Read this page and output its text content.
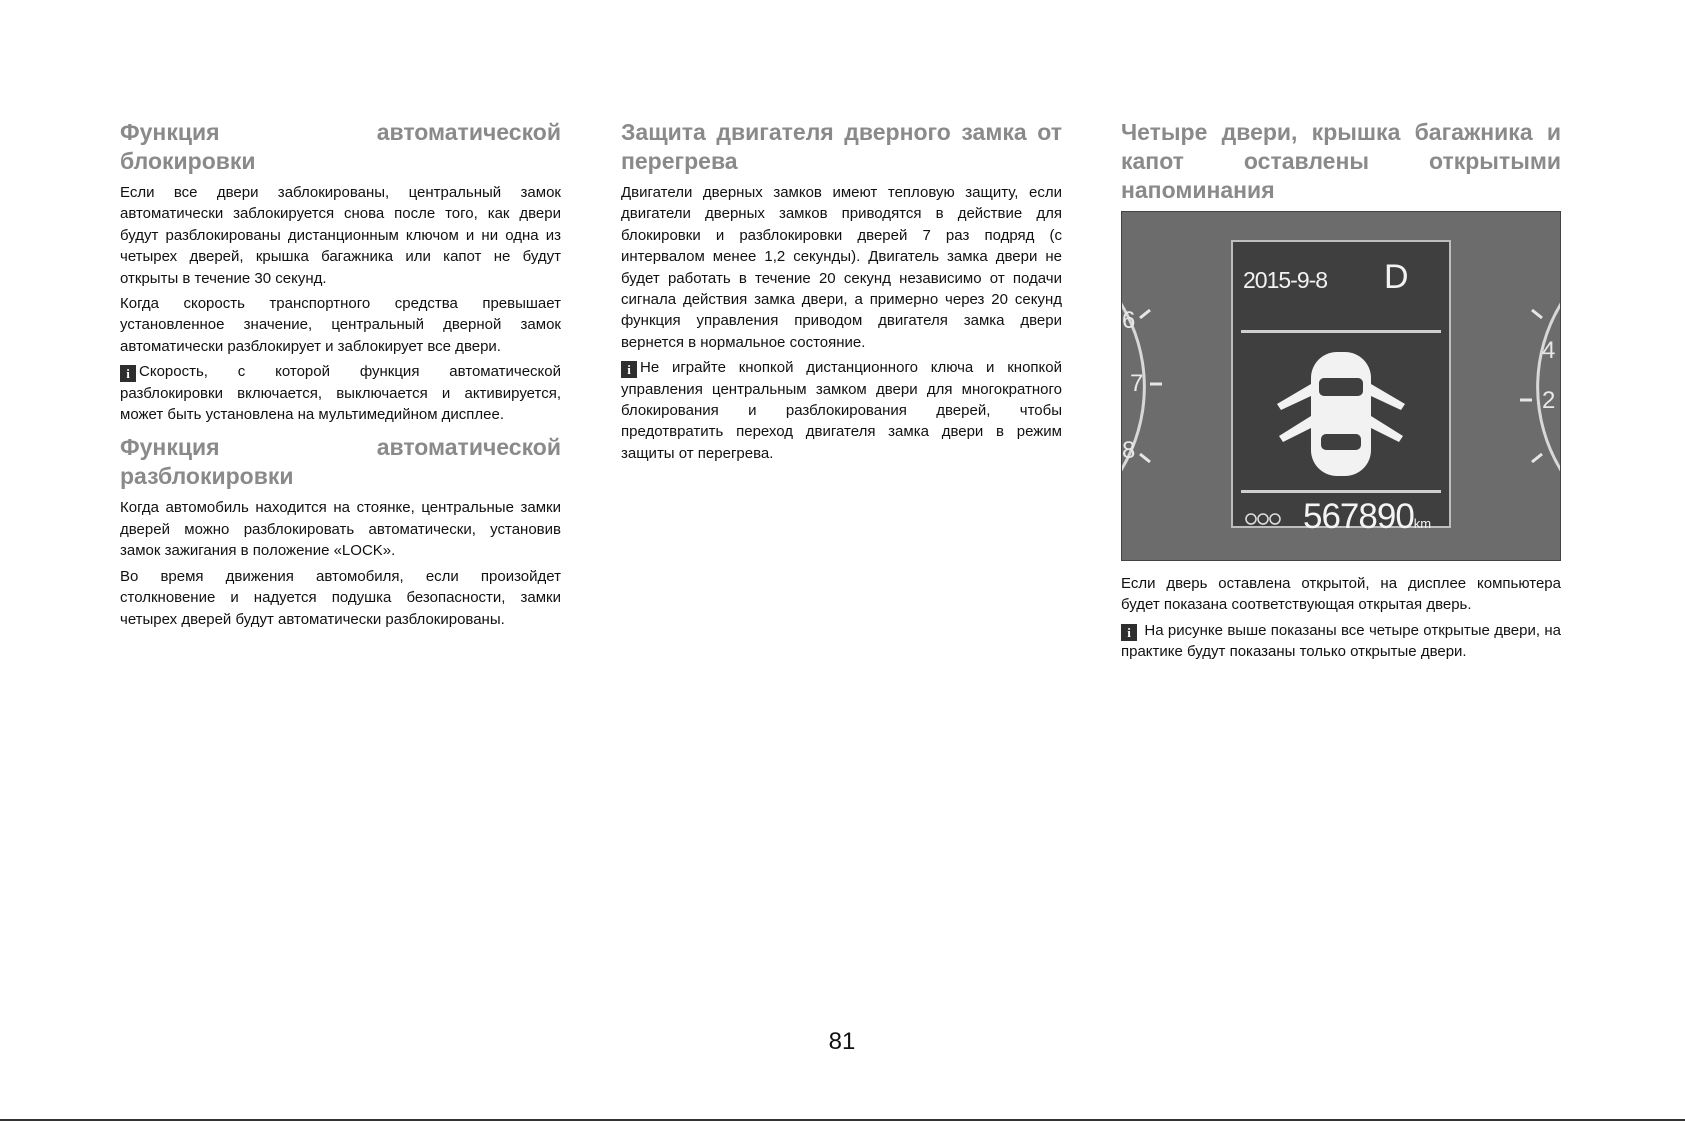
Функция	автоматической
блокировки

Если все двери заблокированы, центральный замок автоматически заблокируется снова после того, как двери будут разблокированы дистанционным ключом и ни одна из четырех дверей, крышка багажника или капот не будут открыты в течение 30 секунд.

Когда скорость транспортного средства превышает установленное значение, центральный дверной замок автоматически разблокирует и заблокирует все двери.

i Скорость, с которой функция автоматической разблокировки включается, выключается и активируется, может быть установлена на мультимедийном дисплее.

Функция	автоматической
разблокировки

Когда автомобиль находится на стоянке, центральные замки дверей можно разблокировать автоматически, установив замок зажигания в положение «LOCK».

Во время движения автомобиля, если произойдет столкновение и надуется подушка безопасности, замки четырех дверей будут автоматически разблокированы.

Защита двигателя дверного замка от перегрева

Двигатели дверных замков имеют тепловую защиту, если двигатели дверных замков приводятся в действие для блокировки и разблокировки дверей 7 раз подряд (с интервалом менее 1,2 секунды). Двигатель замка двери не будет работать в течение 20 секунд независимо от подачи сигнала действия замка двери, а примерно через 20 секунд функция управления приводом двигателя замка двери вернется в нормальное состояние.

i Не играйте кнопкой дистанционного ключа и кнопкой управления центральным замком двери для многократного блокирования и разблокирования дверей, чтобы предотвратить переход двигателя замка двери в режим защиты от перегрева.

Четыре двери, крышка багажника и капот оставлены открытыми напоминания
6
7
8
4
2
2015-9-8 D
567890km

Если дверь оставлена открытой, на дисплее компьютера будет показана соответствующая открытая дверь.

i На рисунке выше показаны все четыре открытые двери, на практике будут показаны только открытые двери.

81
